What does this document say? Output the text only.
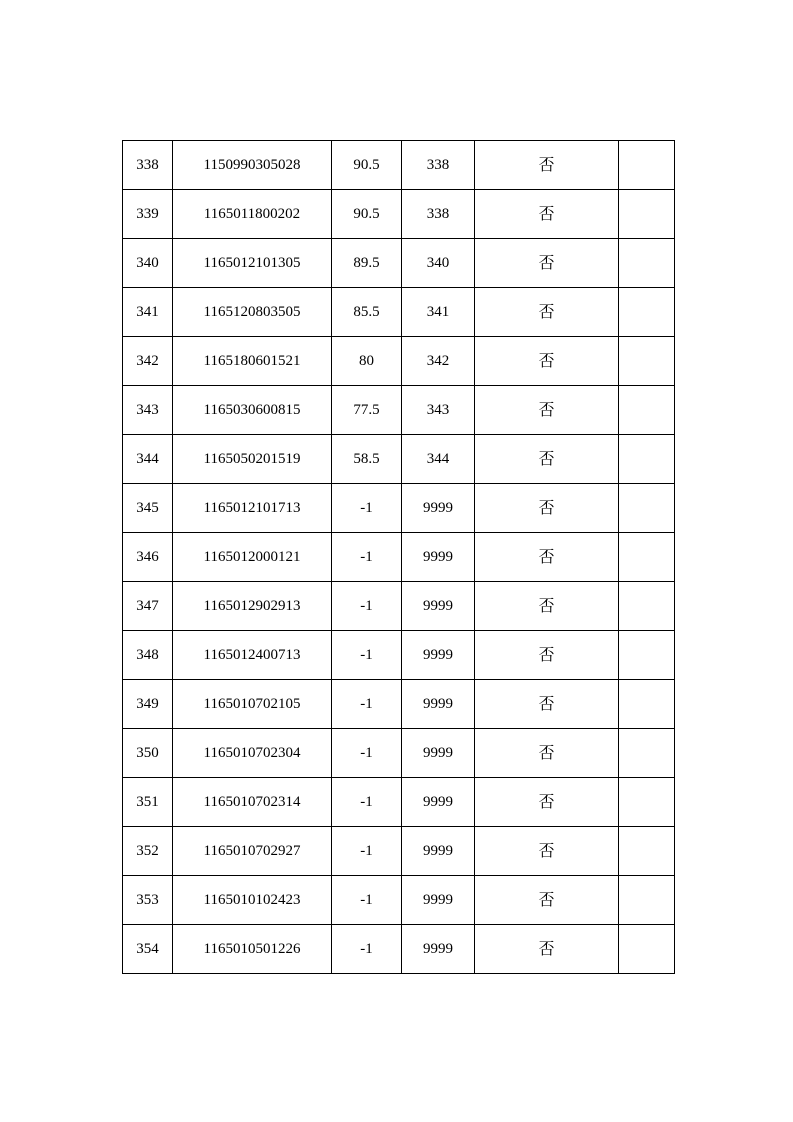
338	1150990305028	90.5	338	否	
339	1165011800202	90.5	338	否	
340	1165012101305	89.5	340	否	
341	1165120803505	85.5	341	否	
342	1165180601521	80	342	否	
343	1165030600815	77.5	343	否	
344	1165050201519	58.5	344	否	
345	1165012101713	-1	9999	否	
346	1165012000121	-1	9999	否	
347	1165012902913	-1	9999	否	
348	1165012400713	-1	9999	否	
349	1165010702105	-1	9999	否	
350	1165010702304	-1	9999	否	
351	1165010702314	-1	9999	否	
352	1165010702927	-1	9999	否	
353	1165010102423	-1	9999	否	
354	1165010501226	-1	9999	否	
